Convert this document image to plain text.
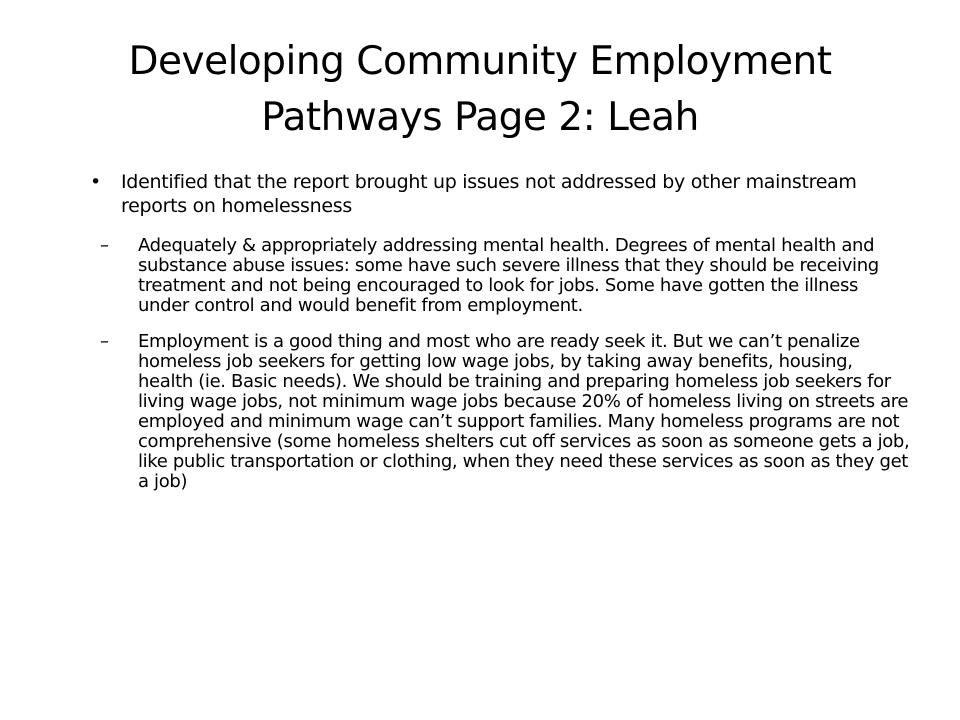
Developing Community Employment
Pathways Page 2: Leah
• Identified that the report brought up issues not addressed by other mainstream reports on homelessness
– Adequately & appropriately addressing mental health. Degrees of mental health and substance abuse issues: some have such severe illness that they should be receiving treatment and not being encouraged to look for jobs. Some have gotten the illness under control and would benefit from employment.
– Employment is a good thing and most who are ready seek it. But we can’t penalize homeless job seekers for getting low wage jobs, by taking away benefits, housing, health (ie. Basic needs). We should be training and preparing homeless job seekers for living wage jobs, not minimum wage jobs because 20% of homeless living on streets are employed and minimum wage can’t support families. Many homeless programs are not comprehensive (some homeless shelters cut off services as soon as someone gets a job, like public transportation or clothing, when they need these services as soon as they get a job)
